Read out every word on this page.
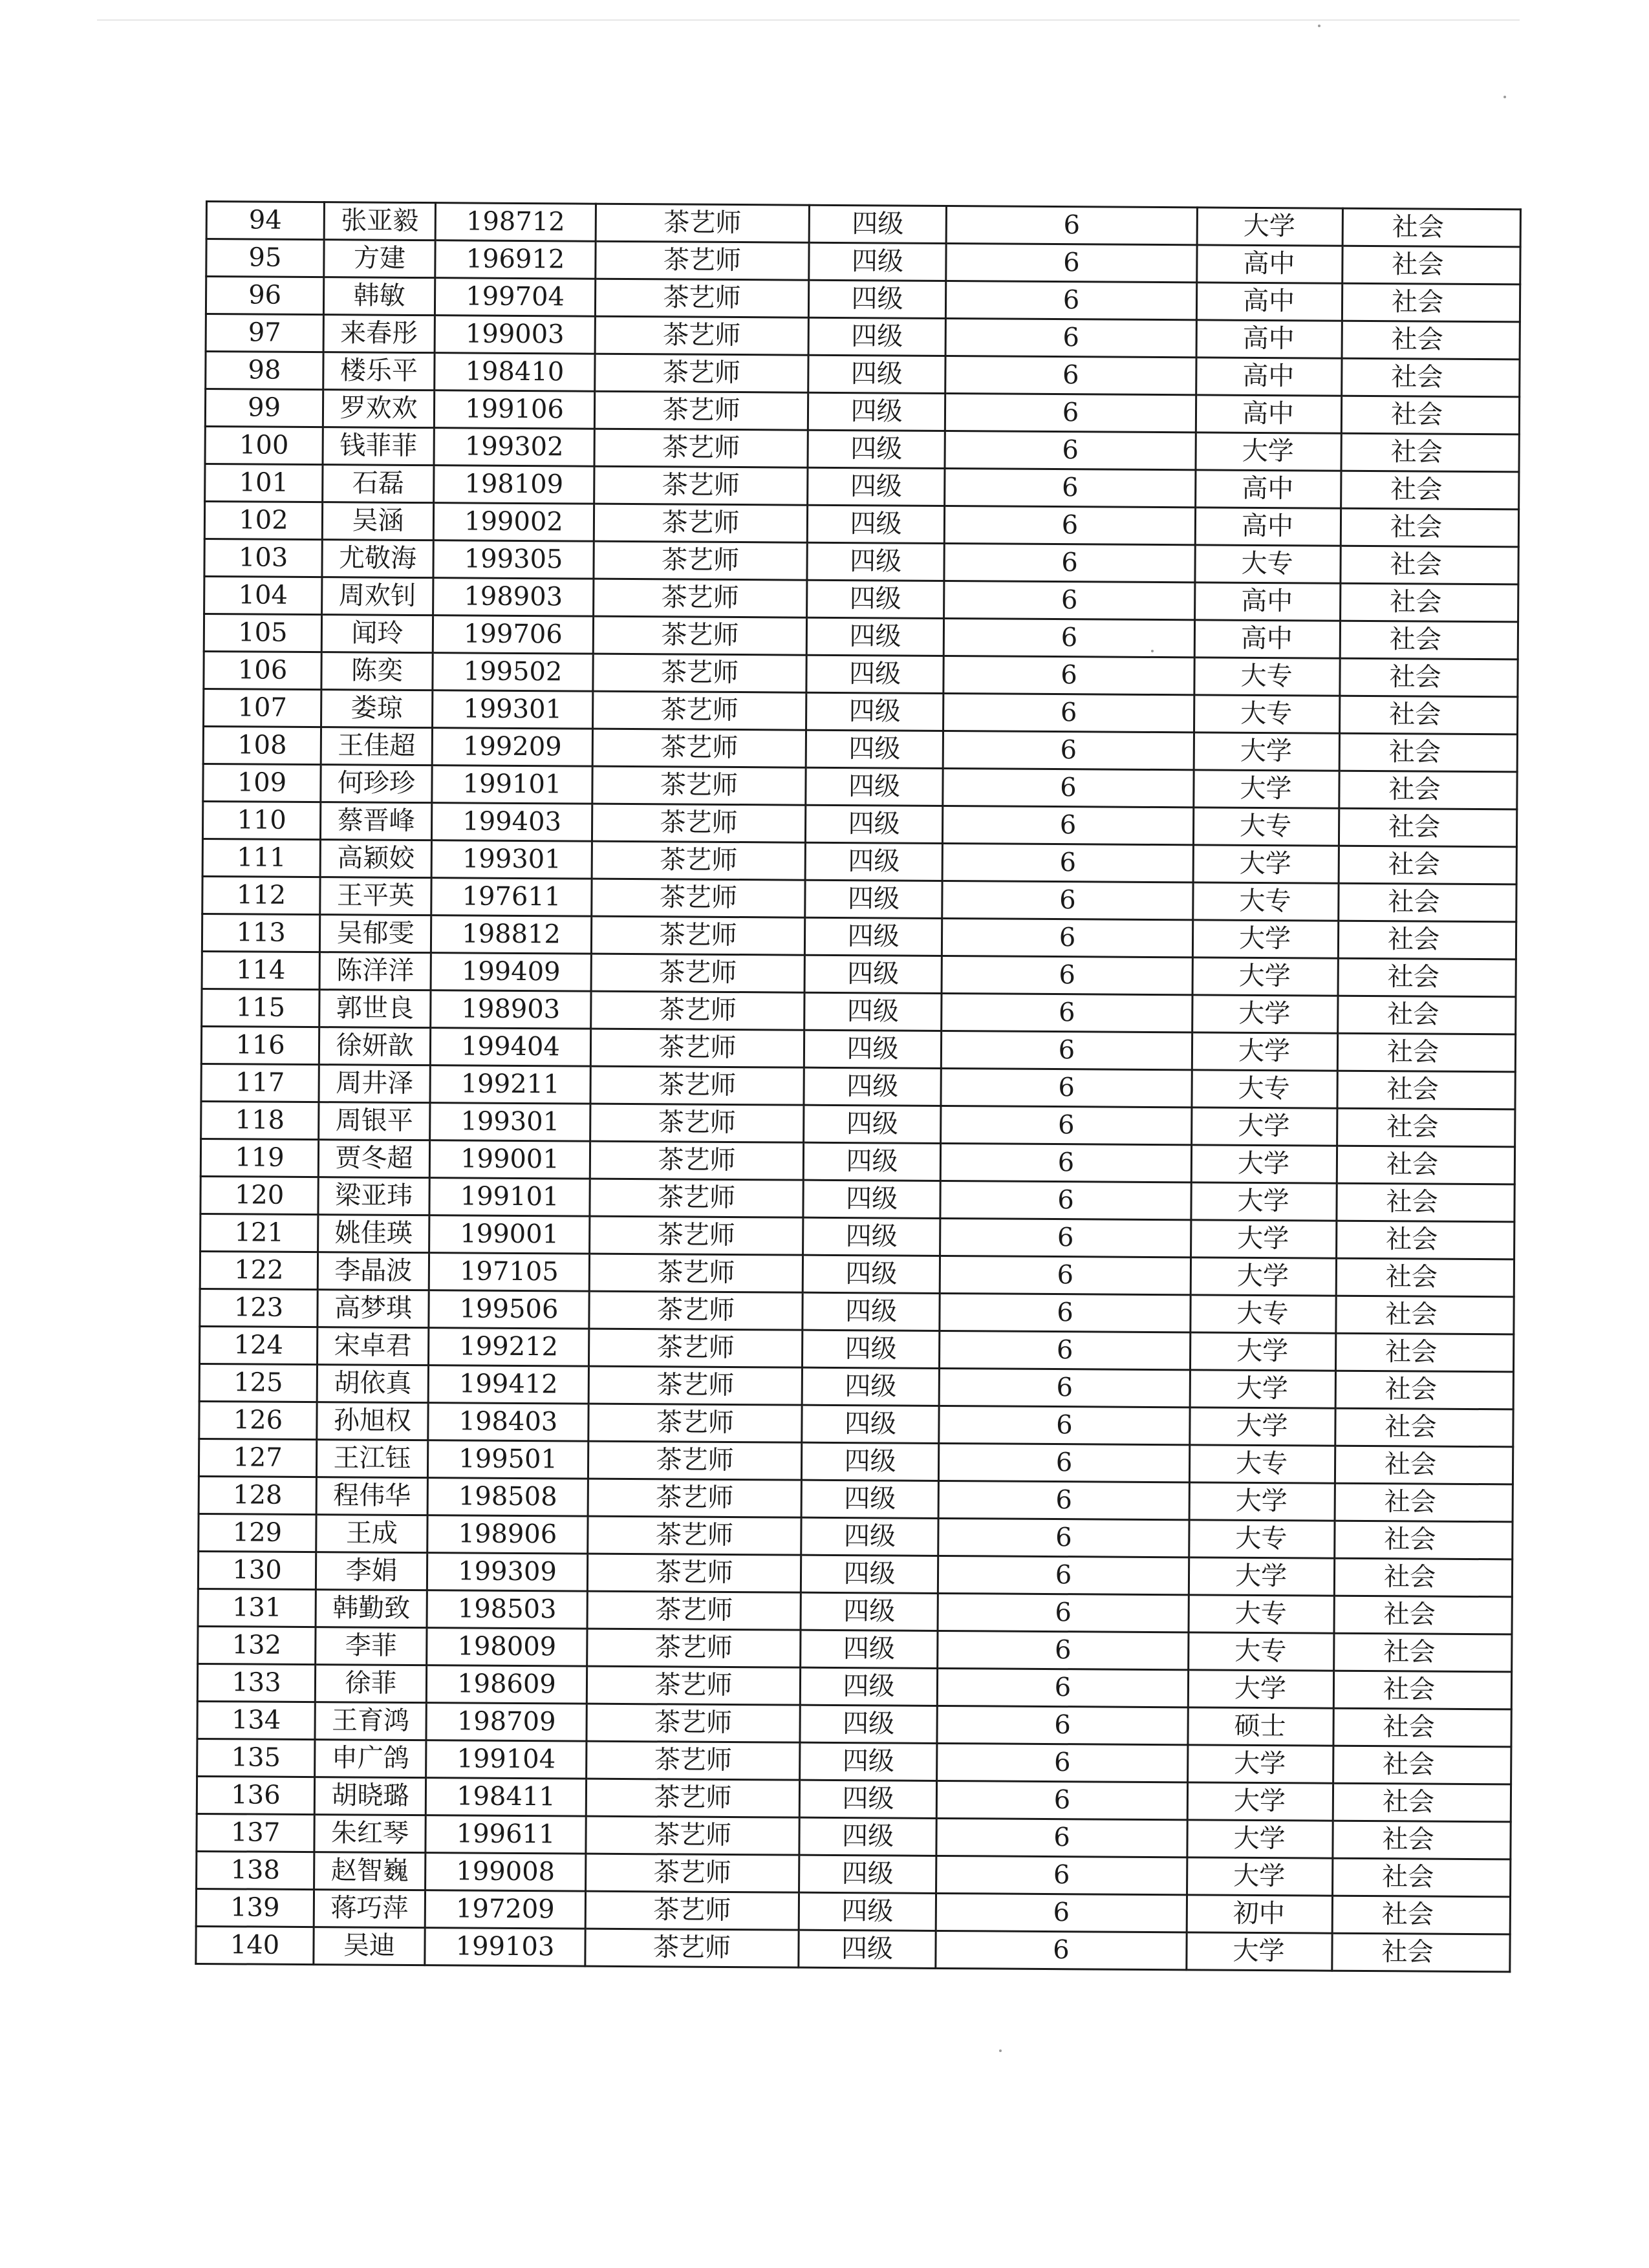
94	张亚毅	198712	茶艺师	四级	6	大学	社会
95	方建	196912	茶艺师	四级	6	高中	社会
96	韩敏	199704	茶艺师	四级	6	高中	社会
97	来春彤	199003	茶艺师	四级	6	高中	社会
98	楼乐平	198410	茶艺师	四级	6	高中	社会
99	罗欢欢	199106	茶艺师	四级	6	高中	社会
100	钱菲菲	199302	茶艺师	四级	6	大学	社会
101	石磊	198109	茶艺师	四级	6	高中	社会
102	吴涵	199002	茶艺师	四级	6	高中	社会
103	尤敬海	199305	茶艺师	四级	6	大专	社会
104	周欢钊	198903	茶艺师	四级	6	高中	社会
105	闻玲	199706	茶艺师	四级	6	高中	社会
106	陈奕	199502	茶艺师	四级	6	大专	社会
107	娄琼	199301	茶艺师	四级	6	大专	社会
108	王佳超	199209	茶艺师	四级	6	大学	社会
109	何珍珍	199101	茶艺师	四级	6	大学	社会
110	蔡晋峰	199403	茶艺师	四级	6	大专	社会
111	高颖姣	199301	茶艺师	四级	6	大学	社会
112	王平英	197611	茶艺师	四级	6	大专	社会
113	吴郁雯	198812	茶艺师	四级	6	大学	社会
114	陈洋洋	199409	茶艺师	四级	6	大学	社会
115	郭世良	198903	茶艺师	四级	6	大学	社会
116	徐妍歆	199404	茶艺师	四级	6	大学	社会
117	周井泽	199211	茶艺师	四级	6	大专	社会
118	周银平	199301	茶艺师	四级	6	大学	社会
119	贾冬超	199001	茶艺师	四级	6	大学	社会
120	梁亚玮	199101	茶艺师	四级	6	大学	社会
121	姚佳瑛	199001	茶艺师	四级	6	大学	社会
122	李晶波	197105	茶艺师	四级	6	大学	社会
123	高梦琪	199506	茶艺师	四级	6	大专	社会
124	宋卓君	199212	茶艺师	四级	6	大学	社会
125	胡依真	199412	茶艺师	四级	6	大学	社会
126	孙旭权	198403	茶艺师	四级	6	大学	社会
127	王江钰	199501	茶艺师	四级	6	大专	社会
128	程伟华	198508	茶艺师	四级	6	大学	社会
129	王成	198906	茶艺师	四级	6	大专	社会
130	李娟	199309	茶艺师	四级	6	大学	社会
131	韩勤致	198503	茶艺师	四级	6	大专	社会
132	李菲	198009	茶艺师	四级	6	大专	社会
133	徐菲	198609	茶艺师	四级	6	大学	社会
134	王育鸿	198709	茶艺师	四级	6	硕士	社会
135	申广鸽	199104	茶艺师	四级	6	大学	社会
136	胡晓璐	198411	茶艺师	四级	6	大学	社会
137	朱红琴	199611	茶艺师	四级	6	大学	社会
138	赵智巍	199008	茶艺师	四级	6	大学	社会
139	蒋巧萍	197209	茶艺师	四级	6	初中	社会
140	吴迪	199103	茶艺师	四级	6	大学	社会
